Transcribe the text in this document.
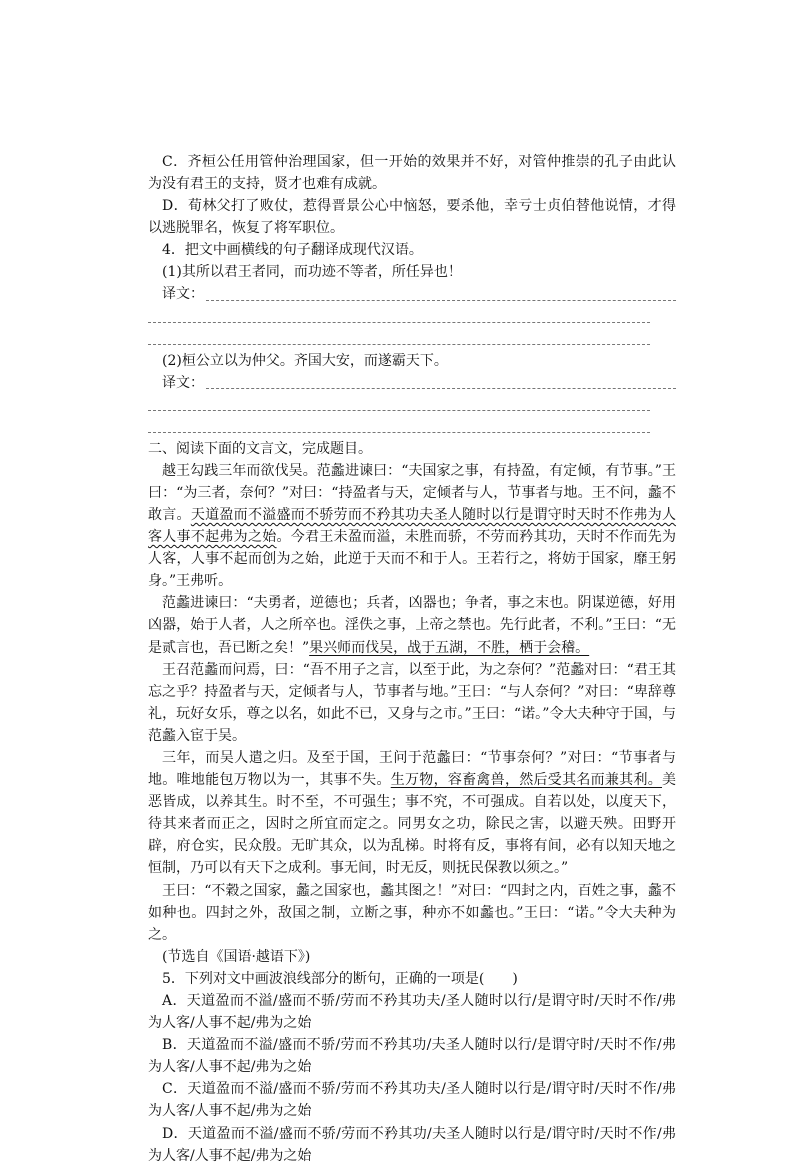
C．齐桓公任用管仲治理国家，但一开始的效果并不好，对管仲推崇的孔子由此认为没有君王的支持，贤才也难有成就。

D．荀林父打了败仗，惹得晋景公心中恼怒，要杀他，幸亏士贞伯替他说情，才得以逃脱罪名，恢复了将军职位。

4．把文中画横线的句子翻译成现代汉语。

(1)其所以君王者同，而功迹不等者，所任异也！

译文：

(2)桓公立以为仲父。齐国大安，而遂霸天下。

译文：

二、阅读下面的文言文，完成题目。

越王勾践三年而欲伐吴。范蠡进谏曰：“夫国家之事，有持盈，有定倾，有节事。”王曰：“为三者，奈何？”对曰：“持盈者与天，定倾者与人，节事者与地。王不问，蠡不敢言。天道盈而不溢盛而不骄劳而不矜其功夫圣人随时以行是谓守时天时不作弗为人客人事不起弗为之始。今君王未盈而溢，未胜而骄，不劳而矜其功，天时不作而先为人客，人事不起而创为之始，此逆于天而不和于人。王若行之，将妨于国家，靡王躬身。”王弗听。

范蠡进谏曰：“夫勇者，逆德也；兵者，凶器也；争者，事之末也。阴谋逆德，好用凶器，始于人者，人之所卒也。淫佚之事，上帝之禁也。先行此者，不利。”王曰：“无是贰言也，吾已断之矣！”果兴师而伐吴，战于五湖，不胜，栖于会稽。

王召范蠡而问焉，曰：“吾不用子之言，以至于此，为之奈何？”范蠡对曰：“君王其忘之乎？持盈者与天，定倾者与人，节事者与地。”王曰：“与人奈何？”对曰：“卑辞尊礼，玩好女乐，尊之以名，如此不已，又身与之市。”王曰：“诺。”令大夫种守于国，与范蠡入宦于吴。

三年，而吴人遣之归。及至于国，王问于范蠡曰：“节事奈何？”对曰：“节事者与地。唯地能包万物以为一，其事不失。生万物，容畜禽兽，然后受其名而兼其利。美恶皆成，以养其生。时不至，不可强生；事不究，不可强成。自若以处，以度天下，待其来者而正之，因时之所宜而定之。同男女之功，除民之害，以避天殃。田野开辟，府仓实，民众殷。无旷其众，以为乱梯。时将有反，事将有间，必有以知天地之恒制，乃可以有天下之成利。事无间，时无反，则抚民保教以须之。”

王曰：“不穀之国家，蠡之国家也，蠡其图之！”对曰：“四封之内，百姓之事，蠡不如种也。四封之外，敌国之制，立断之事，种亦不如蠡也。”王曰：“诺。”令大夫种为之。

(节选自《国语·越语下》)

5．下列对文中画波浪线部分的断句，正确的一项是(　　)

A．天道盈而不溢/盛而不骄/劳而不矜其功夫/圣人随时以行/是谓守时/天时不作/弗为人客/人事不起/弗为之始

B．天道盈而不溢/盛而不骄/劳而不矜其功/夫圣人随时以行/是谓守时/天时不作/弗为人客/人事不起/弗为之始

C．天道盈而不溢/盛而不骄/劳而不矜其功夫/圣人随时以行是/谓守时/天时不作/弗为人客/人事不起/弗为之始

D．天道盈而不溢/盛而不骄/劳而不矜其功/夫圣人随时以行是/谓守时/天时不作/弗为人客/人事不起/弗为之始
